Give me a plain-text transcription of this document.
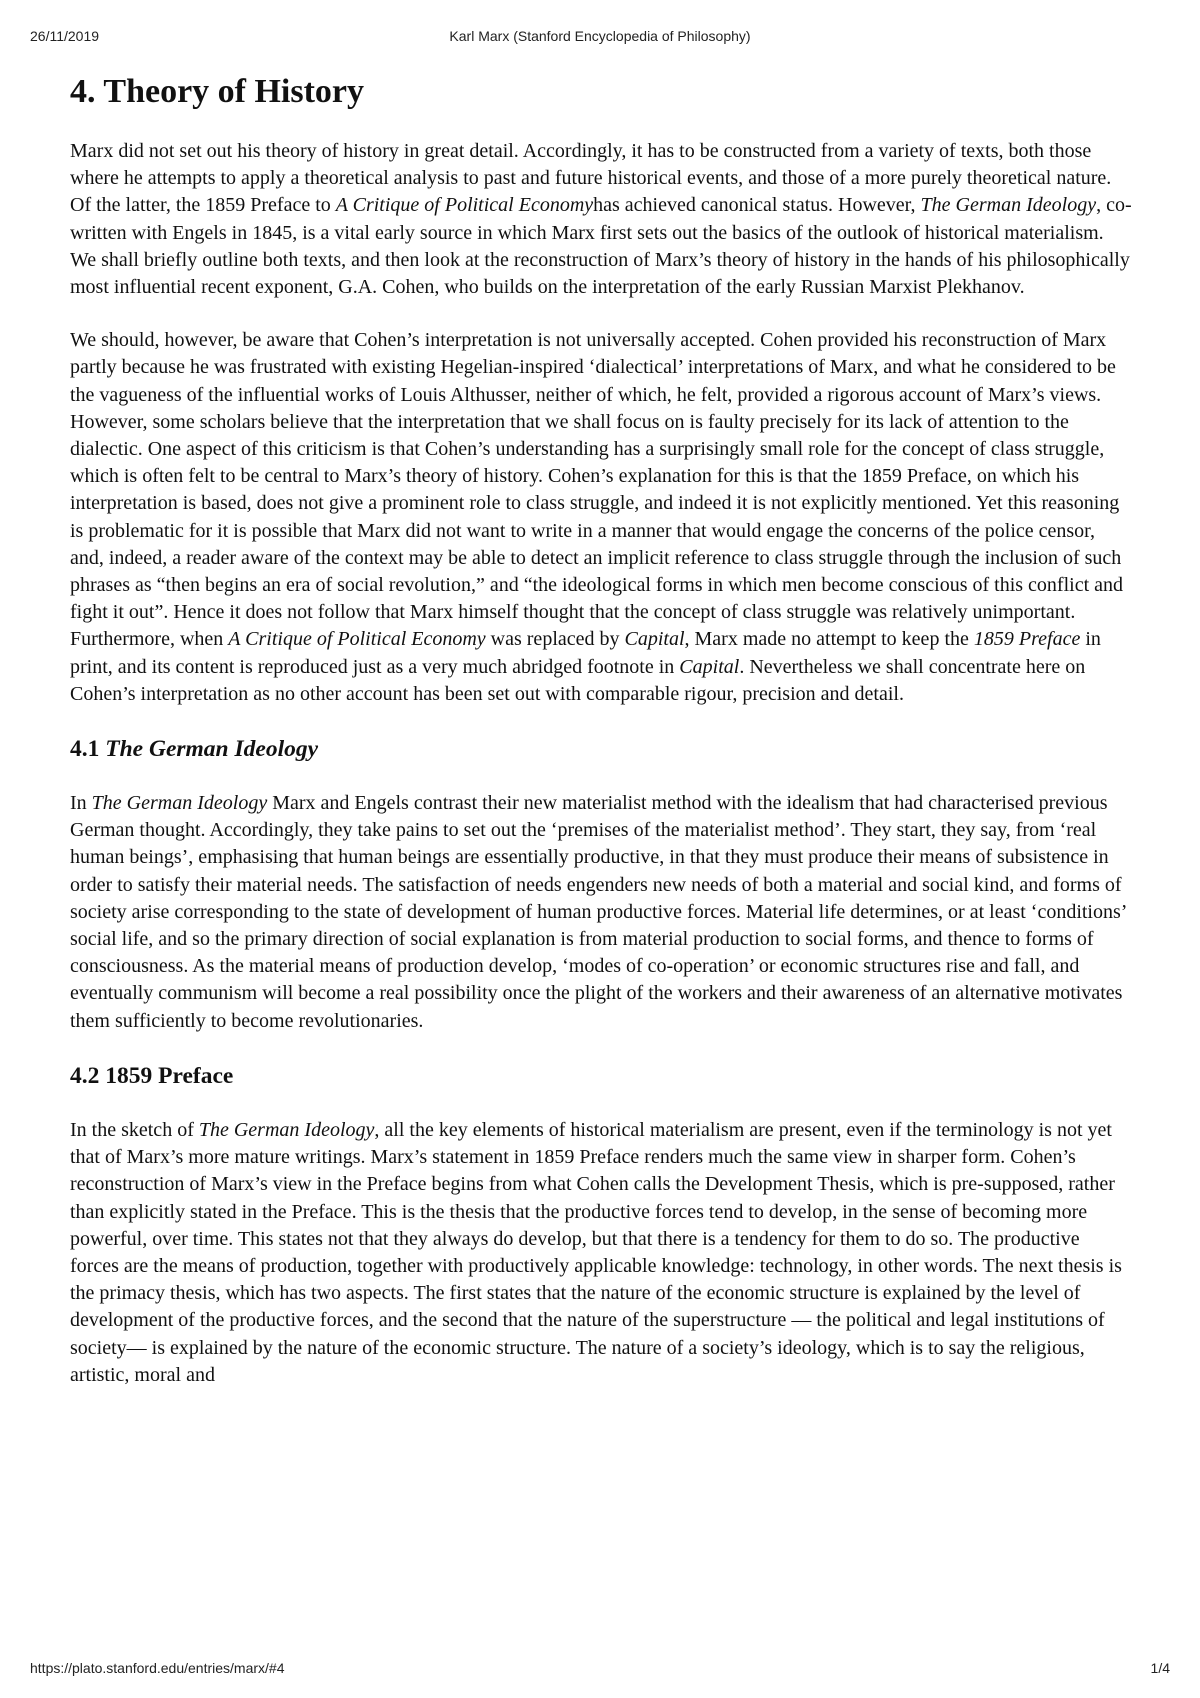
26/11/2019	Karl Marx (Stanford Encyclopedia of Philosophy)
4. Theory of History

Marx did not set out his theory of history in great detail. Accordingly, it has to be constructed from a variety of texts, both those where he attempts to apply a theoretical analysis to past and future historical events, and those of a more purely theoretical nature. Of the latter, the 1859 Preface to A Critique of Political Economyhas achieved canonical status. However, The German Ideology, co-written with Engels in 1845, is a vital early source in which Marx first sets out the basics of the outlook of historical materialism. We shall briefly outline both texts, and then look at the reconstruction of Marx’s theory of history in the hands of his philosophically most influential recent exponent, G.A. Cohen, who builds on the interpretation of the early Russian Marxist Plekhanov.

We should, however, be aware that Cohen’s interpretation is not universally accepted. Cohen provided his reconstruction of Marx partly because he was frustrated with existing Hegelian-inspired ‘dialectical’ interpretations of Marx, and what he considered to be the vagueness of the influential works of Louis Althusser, neither of which, he felt, provided a rigorous account of Marx’s views. However, some scholars believe that the interpretation that we shall focus on is faulty precisely for its lack of attention to the dialectic. One aspect of this criticism is that Cohen’s understanding has a surprisingly small role for the concept of class struggle, which is often felt to be central to Marx’s theory of history. Cohen’s explanation for this is that the 1859 Preface, on which his interpretation is based, does not give a prominent role to class struggle, and indeed it is not explicitly mentioned. Yet this reasoning is problematic for it is possible that Marx did not want to write in a manner that would engage the concerns of the police censor, and, indeed, a reader aware of the context may be able to detect an implicit reference to class struggle through the inclusion of such phrases as “then begins an era of social revolution,” and “the ideological forms in which men become conscious of this conflict and fight it out”. Hence it does not follow that Marx himself thought that the concept of class struggle was relatively unimportant. Furthermore, when A Critique of Political Economy was replaced by Capital, Marx made no attempt to keep the 1859 Preface in print, and its content is reproduced just as a very much abridged footnote in Capital. Nevertheless we shall concentrate here on Cohen’s interpretation as no other account has been set out with comparable rigour, precision and detail.

4.1 The German Ideology

In The German Ideology Marx and Engels contrast their new materialist method with the idealism that had characterised previous German thought. Accordingly, they take pains to set out the ‘premises of the materialist method’. They start, they say, from ‘real human beings’, emphasising that human beings are essentially productive, in that they must produce their means of subsistence in order to satisfy their material needs. The satisfaction of needs engenders new needs of both a material and social kind, and forms of society arise corresponding to the state of development of human productive forces. Material life determines, or at least ‘conditions’ social life, and so the primary direction of social explanation is from material production to social forms, and thence to forms of consciousness. As the material means of production develop, ‘modes of co-operation’ or economic structures rise and fall, and eventually communism will become a real possibility once the plight of the workers and their awareness of an alternative motivates them sufficiently to become revolutionaries.

4.2 1859 Preface

In the sketch of The German Ideology, all the key elements of historical materialism are present, even if the terminology is not yet that of Marx’s more mature writings. Marx’s statement in 1859 Preface renders much the same view in sharper form. Cohen’s reconstruction of Marx’s view in the Preface begins from what Cohen calls the Development Thesis, which is pre-supposed, rather than explicitly stated in the Preface. This is the thesis that the productive forces tend to develop, in the sense of becoming more powerful, over time. This states not that they always do develop, but that there is a tendency for them to do so. The productive forces are the means of production, together with productively applicable knowledge: technology, in other words. The next thesis is the primacy thesis, which has two aspects. The first states that the nature of the economic structure is explained by the level of development of the productive forces, and the second that the nature of the superstructure — the political and legal institutions of society— is explained by the nature of the economic structure. The nature of a society’s ideology, which is to say the religious, artistic, moral and

https://plato.stanford.edu/entries/marx/#4	1/4
